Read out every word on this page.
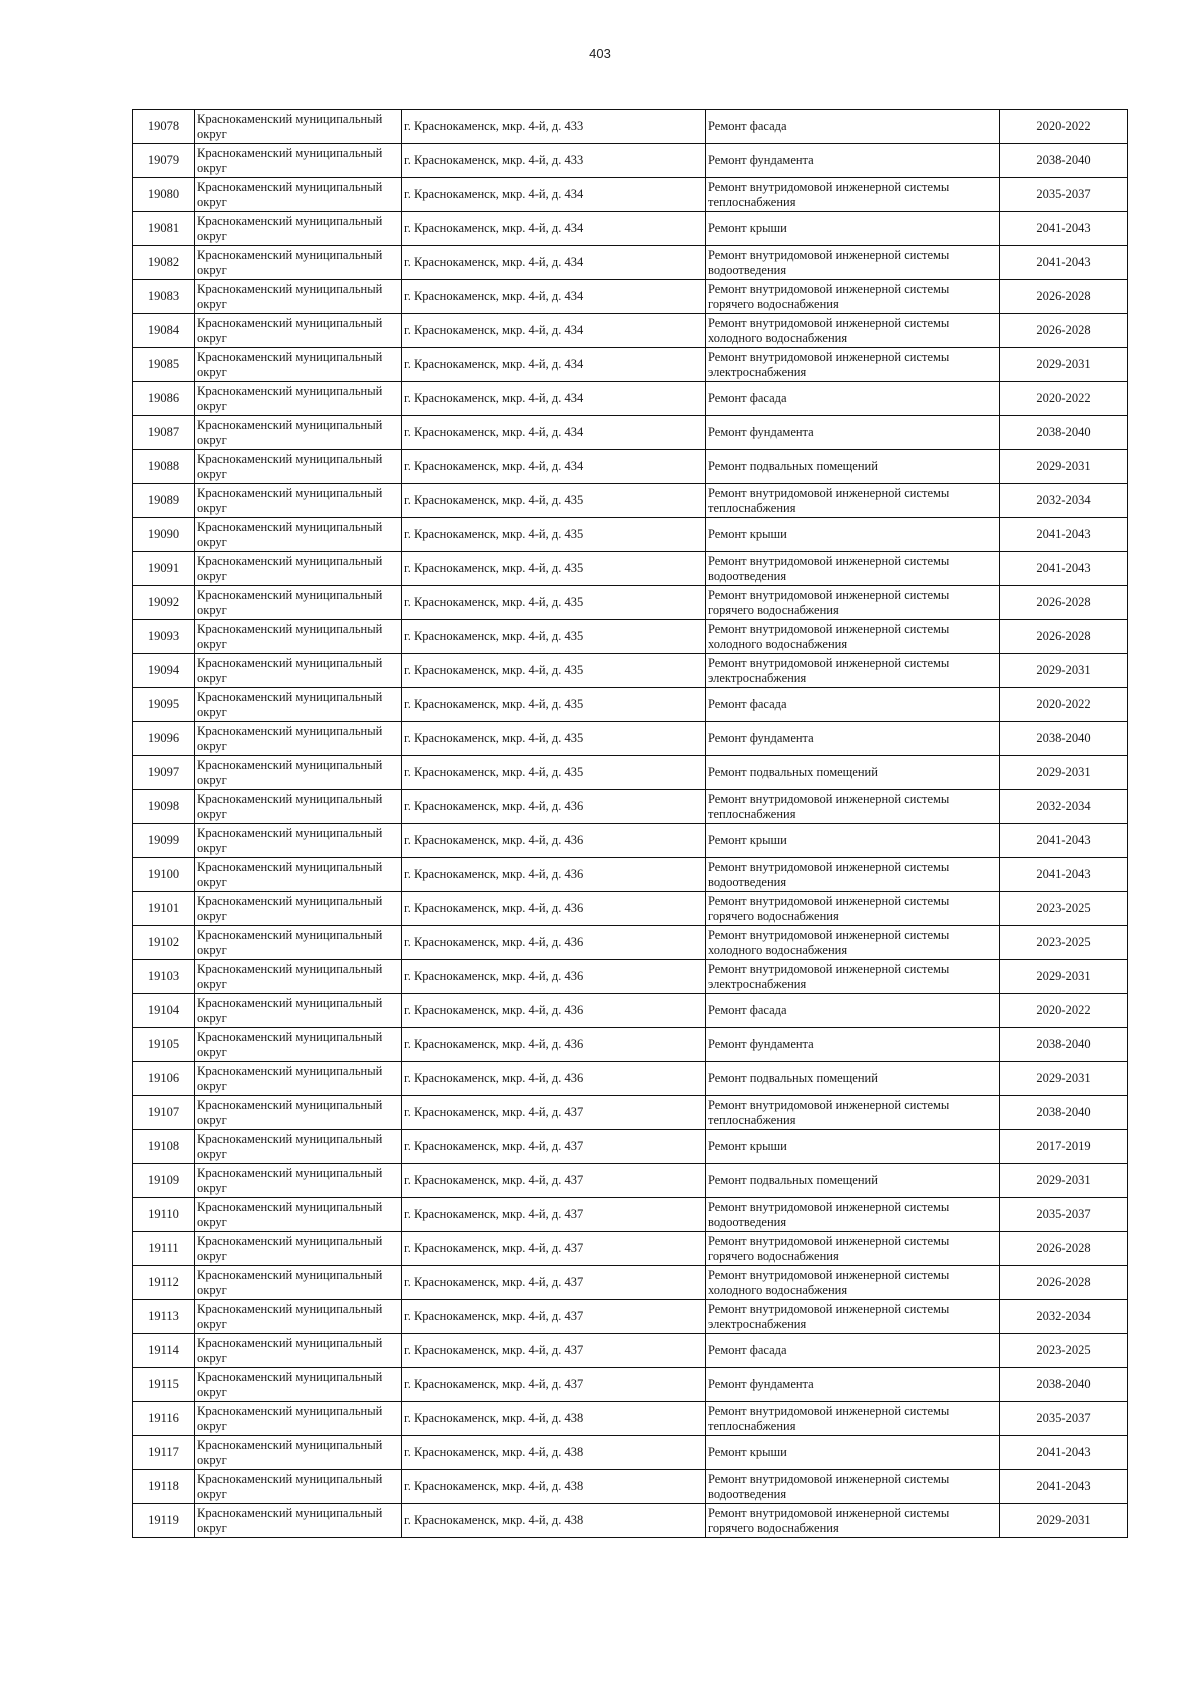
403
19078	Краснокаменский муниципальный округ	г. Краснокаменск, мкр. 4-й, д. 433	Ремонт фасада	2020-2022
19079	Краснокаменский муниципальный округ	г. Краснокаменск, мкр. 4-й, д. 433	Ремонт фундамента	2038-2040
19080	Краснокаменский муниципальный округ	г. Краснокаменск, мкр. 4-й, д. 434	Ремонт внутридомовой инженерной системы теплоснабжения	2035-2037
19081	Краснокаменский муниципальный округ	г. Краснокаменск, мкр. 4-й, д. 434	Ремонт крыши	2041-2043
19082	Краснокаменский муниципальный округ	г. Краснокаменск, мкр. 4-й, д. 434	Ремонт внутридомовой инженерной системы водоотведения	2041-2043
19083	Краснокаменский муниципальный округ	г. Краснокаменск, мкр. 4-й, д. 434	Ремонт внутридомовой инженерной системы горячего водоснабжения	2026-2028
19084	Краснокаменский муниципальный округ	г. Краснокаменск, мкр. 4-й, д. 434	Ремонт внутридомовой инженерной системы холодного водоснабжения	2026-2028
19085	Краснокаменский муниципальный округ	г. Краснокаменск, мкр. 4-й, д. 434	Ремонт внутридомовой инженерной системы электроснабжения	2029-2031
19086	Краснокаменский муниципальный округ	г. Краснокаменск, мкр. 4-й, д. 434	Ремонт фасада	2020-2022
19087	Краснокаменский муниципальный округ	г. Краснокаменск, мкр. 4-й, д. 434	Ремонт фундамента	2038-2040
19088	Краснокаменский муниципальный округ	г. Краснокаменск, мкр. 4-й, д. 434	Ремонт подвальных помещений	2029-2031
19089	Краснокаменский муниципальный округ	г. Краснокаменск, мкр. 4-й, д. 435	Ремонт внутридомовой инженерной системы теплоснабжения	2032-2034
19090	Краснокаменский муниципальный округ	г. Краснокаменск, мкр. 4-й, д. 435	Ремонт крыши	2041-2043
19091	Краснокаменский муниципальный округ	г. Краснокаменск, мкр. 4-й, д. 435	Ремонт внутридомовой инженерной системы водоотведения	2041-2043
19092	Краснокаменский муниципальный округ	г. Краснокаменск, мкр. 4-й, д. 435	Ремонт внутридомовой инженерной системы горячего водоснабжения	2026-2028
19093	Краснокаменский муниципальный округ	г. Краснокаменск, мкр. 4-й, д. 435	Ремонт внутридомовой инженерной системы холодного водоснабжения	2026-2028
19094	Краснокаменский муниципальный округ	г. Краснокаменск, мкр. 4-й, д. 435	Ремонт внутридомовой инженерной системы электроснабжения	2029-2031
19095	Краснокаменский муниципальный округ	г. Краснокаменск, мкр. 4-й, д. 435	Ремонт фасада	2020-2022
19096	Краснокаменский муниципальный округ	г. Краснокаменск, мкр. 4-й, д. 435	Ремонт фундамента	2038-2040
19097	Краснокаменский муниципальный округ	г. Краснокаменск, мкр. 4-й, д. 435	Ремонт подвальных помещений	2029-2031
19098	Краснокаменский муниципальный округ	г. Краснокаменск, мкр. 4-й, д. 436	Ремонт внутридомовой инженерной системы теплоснабжения	2032-2034
19099	Краснокаменский муниципальный округ	г. Краснокаменск, мкр. 4-й, д. 436	Ремонт крыши	2041-2043
19100	Краснокаменский муниципальный округ	г. Краснокаменск, мкр. 4-й, д. 436	Ремонт внутридомовой инженерной системы водоотведения	2041-2043
19101	Краснокаменский муниципальный округ	г. Краснокаменск, мкр. 4-й, д. 436	Ремонт внутридомовой инженерной системы горячего водоснабжения	2023-2025
19102	Краснокаменский муниципальный округ	г. Краснокаменск, мкр. 4-й, д. 436	Ремонт внутридомовой инженерной системы холодного водоснабжения	2023-2025
19103	Краснокаменский муниципальный округ	г. Краснокаменск, мкр. 4-й, д. 436	Ремонт внутридомовой инженерной системы электроснабжения	2029-2031
19104	Краснокаменский муниципальный округ	г. Краснокаменск, мкр. 4-й, д. 436	Ремонт фасада	2020-2022
19105	Краснокаменский муниципальный округ	г. Краснокаменск, мкр. 4-й, д. 436	Ремонт фундамента	2038-2040
19106	Краснокаменский муниципальный округ	г. Краснокаменск, мкр. 4-й, д. 436	Ремонт подвальных помещений	2029-2031
19107	Краснокаменский муниципальный округ	г. Краснокаменск, мкр. 4-й, д. 437	Ремонт внутридомовой инженерной системы теплоснабжения	2038-2040
19108	Краснокаменский муниципальный округ	г. Краснокаменск, мкр. 4-й, д. 437	Ремонт крыши	2017-2019
19109	Краснокаменский муниципальный округ	г. Краснокаменск, мкр. 4-й, д. 437	Ремонт подвальных помещений	2029-2031
19110	Краснокаменский муниципальный округ	г. Краснокаменск, мкр. 4-й, д. 437	Ремонт внутридомовой инженерной системы водоотведения	2035-2037
19111	Краснокаменский муниципальный округ	г. Краснокаменск, мкр. 4-й, д. 437	Ремонт внутридомовой инженерной системы горячего водоснабжения	2026-2028
19112	Краснокаменский муниципальный округ	г. Краснокаменск, мкр. 4-й, д. 437	Ремонт внутридомовой инженерной системы холодного водоснабжения	2026-2028
19113	Краснокаменский муниципальный округ	г. Краснокаменск, мкр. 4-й, д. 437	Ремонт внутридомовой инженерной системы электроснабжения	2032-2034
19114	Краснокаменский муниципальный округ	г. Краснокаменск, мкр. 4-й, д. 437	Ремонт фасада	2023-2025
19115	Краснокаменский муниципальный округ	г. Краснокаменск, мкр. 4-й, д. 437	Ремонт фундамента	2038-2040
19116	Краснокаменский муниципальный округ	г. Краснокаменск, мкр. 4-й, д. 438	Ремонт внутридомовой инженерной системы теплоснабжения	2035-2037
19117	Краснокаменский муниципальный округ	г. Краснокаменск, мкр. 4-й, д. 438	Ремонт крыши	2041-2043
19118	Краснокаменский муниципальный округ	г. Краснокаменск, мкр. 4-й, д. 438	Ремонт внутридомовой инженерной системы водоотведения	2041-2043
19119	Краснокаменский муниципальный округ	г. Краснокаменск, мкр. 4-й, д. 438	Ремонт внутридомовой инженерной системы горячего водоснабжения	2029-2031
